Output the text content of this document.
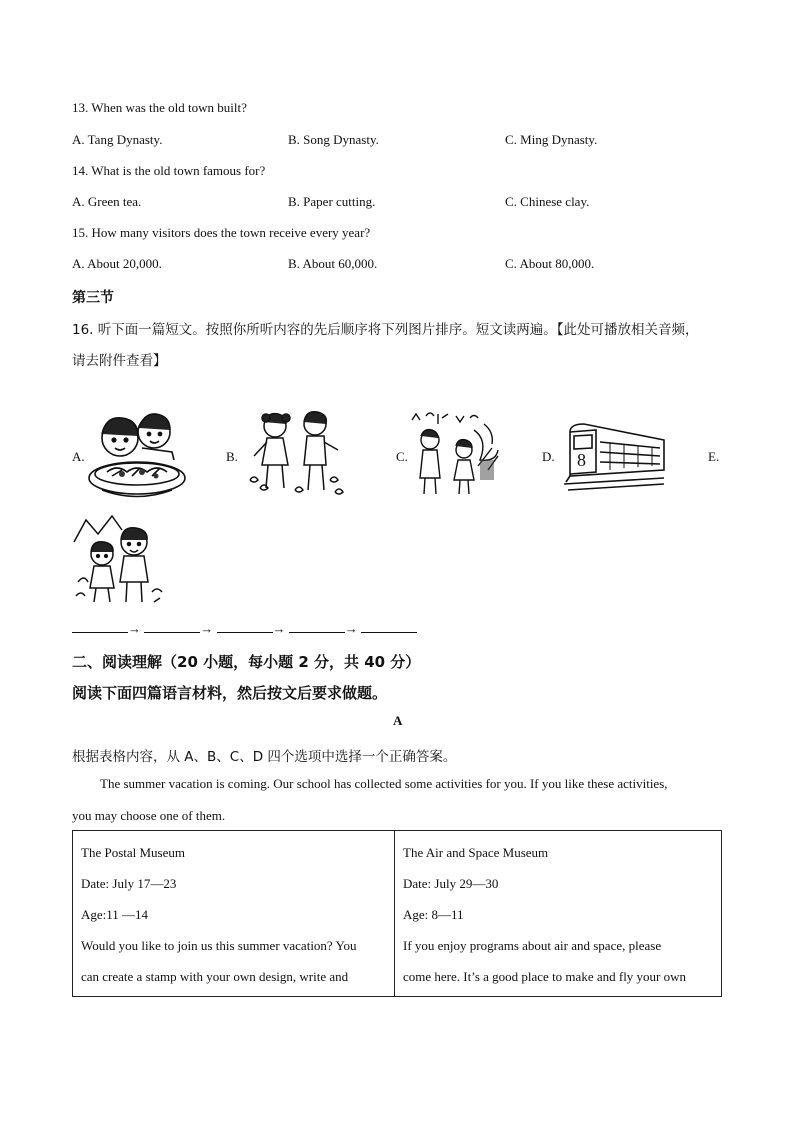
13. When was the old town built?
A. Tang Dynasty.	B. Song Dynasty.	C. Ming Dynasty.
14. What is the old town famous for?
A. Green tea.	B. Paper cutting.	C. Chinese clay.
15. How many visitors does the town receive every year?
A. About 20,000.	B. About 60,000.	C. About 80,000.
第三节
16. 听下面一篇短文。按照你所听内容的先后顺序将下列图片排序。短文读两遍。【此处可播放相关音频，
请去附件查看】
A.	B.	C.	D.	E.
8
→	→	→	→
二、阅读理解（20 小题，每小题 2 分，共 40 分）
阅读下面四篇语言材料，然后按文后要求做题。
A
根据表格内容，从 A、B、C、D 四个选项中选择一个正确答案。
The summer vacation is coming. Our school has collected some activities for you. If you like these activities,
you may choose one of them.
The Postal Museum
Date: July 17—23
Age:11 —14
Would you like to join us this summer vacation? You
can create a stamp with your own design, write and

The Air and Space Museum
Date: July 29—30
Age: 8—11
If you enjoy programs about air and space, please
come here. It’s a good place to make and fly your own
